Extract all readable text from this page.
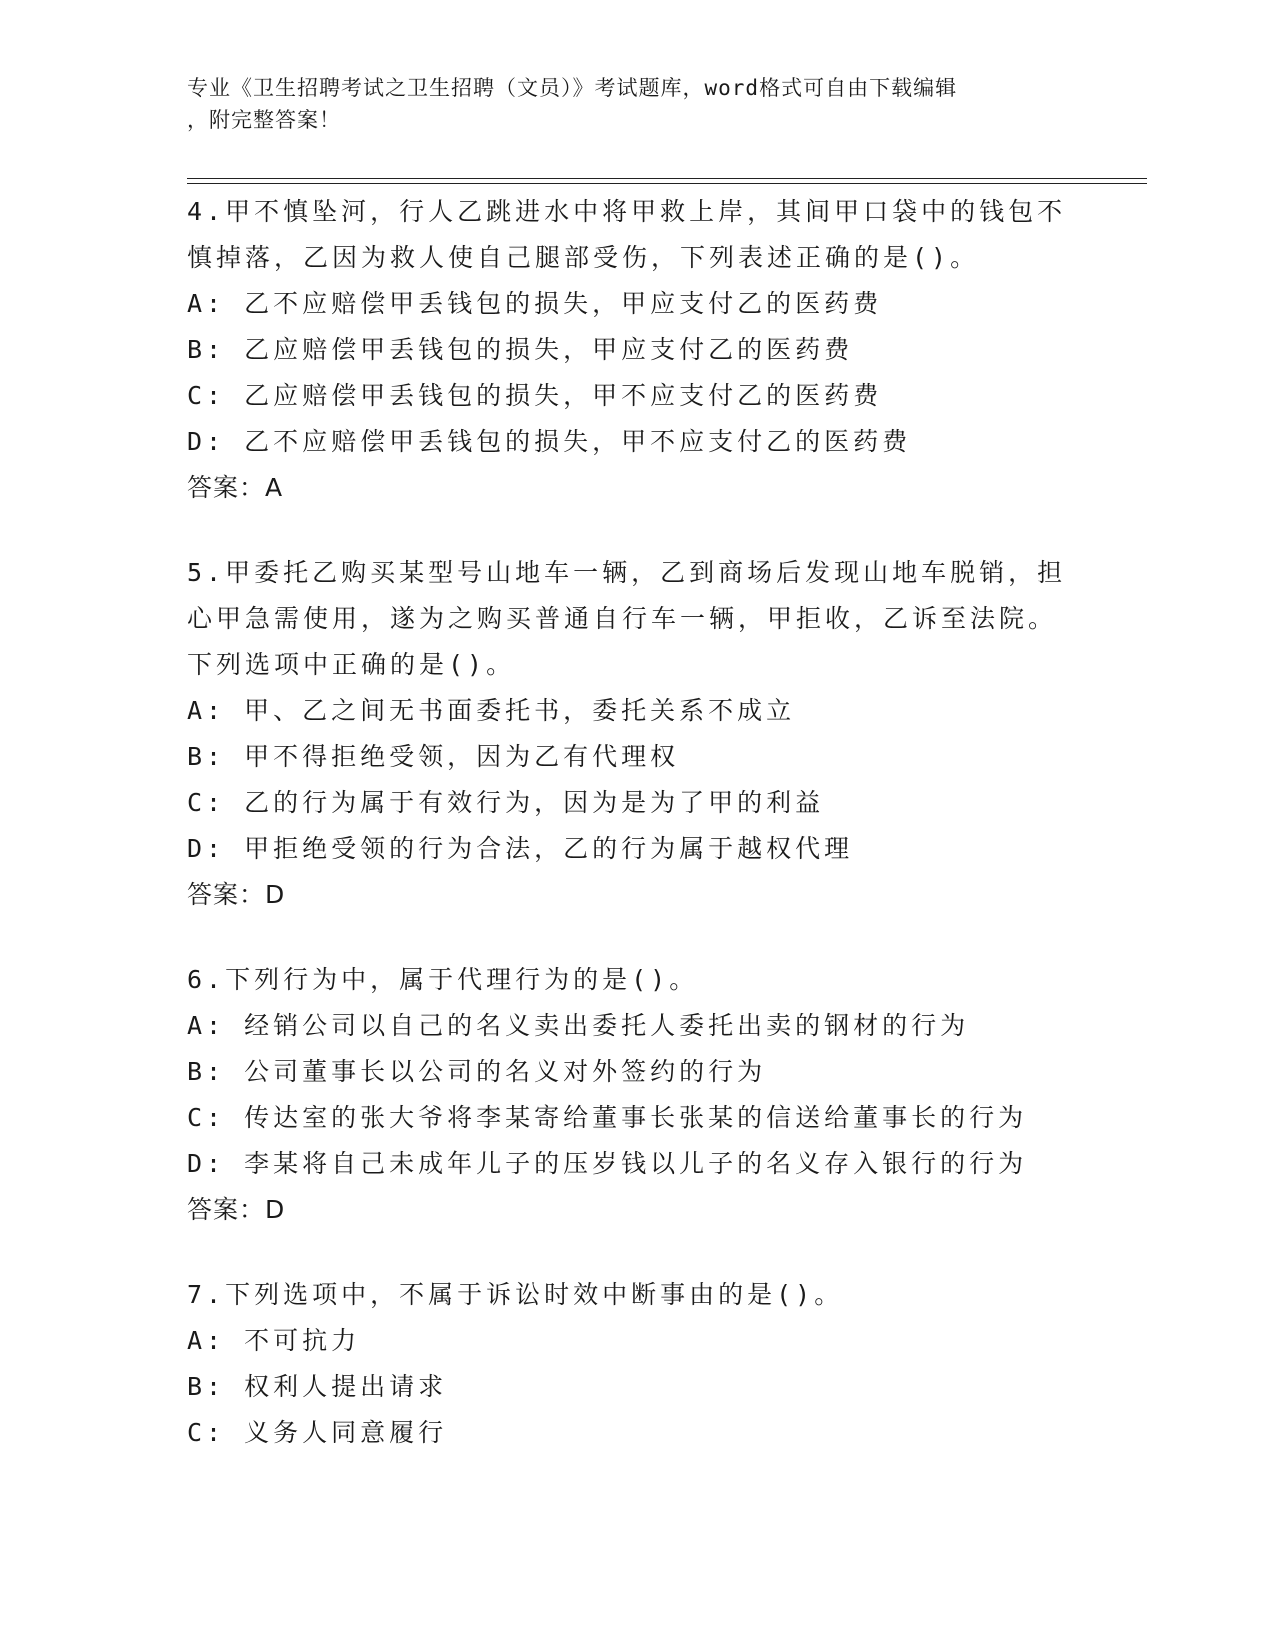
专业《卫生招聘考试之卫生招聘（文员）》考试题库，word格式可自由下载编辑
，附完整答案！
4.甲不慎坠河，行人乙跳进水中将甲救上岸，其间甲口袋中的钱包不
慎掉落，乙因为救人使自己腿部受伤，下列表述正确的是()。
A: 乙不应赔偿甲丢钱包的损失，甲应支付乙的医药费
B: 乙应赔偿甲丢钱包的损失，甲应支付乙的医药费
C: 乙应赔偿甲丢钱包的损失，甲不应支付乙的医药费
D: 乙不应赔偿甲丢钱包的损失，甲不应支付乙的医药费
答案：A
5.甲委托乙购买某型号山地车一辆，乙到商场后发现山地车脱销，担
心甲急需使用，遂为之购买普通自行车一辆，甲拒收，乙诉至法院。
下列选项中正确的是()。
A: 甲、乙之间无书面委托书，委托关系不成立
B: 甲不得拒绝受领，因为乙有代理权
C: 乙的行为属于有效行为，因为是为了甲的利益
D: 甲拒绝受领的行为合法，乙的行为属于越权代理
答案：D
6.下列行为中，属于代理行为的是()。
A: 经销公司以自己的名义卖出委托人委托出卖的钢材的行为
B: 公司董事长以公司的名义对外签约的行为
C: 传达室的张大爷将李某寄给董事长张某的信送给董事长的行为
D: 李某将自己未成年儿子的压岁钱以儿子的名义存入银行的行为
答案：D
7.下列选项中，不属于诉讼时效中断事由的是()。
A: 不可抗力
B: 权利人提出请求
C: 义务人同意履行
